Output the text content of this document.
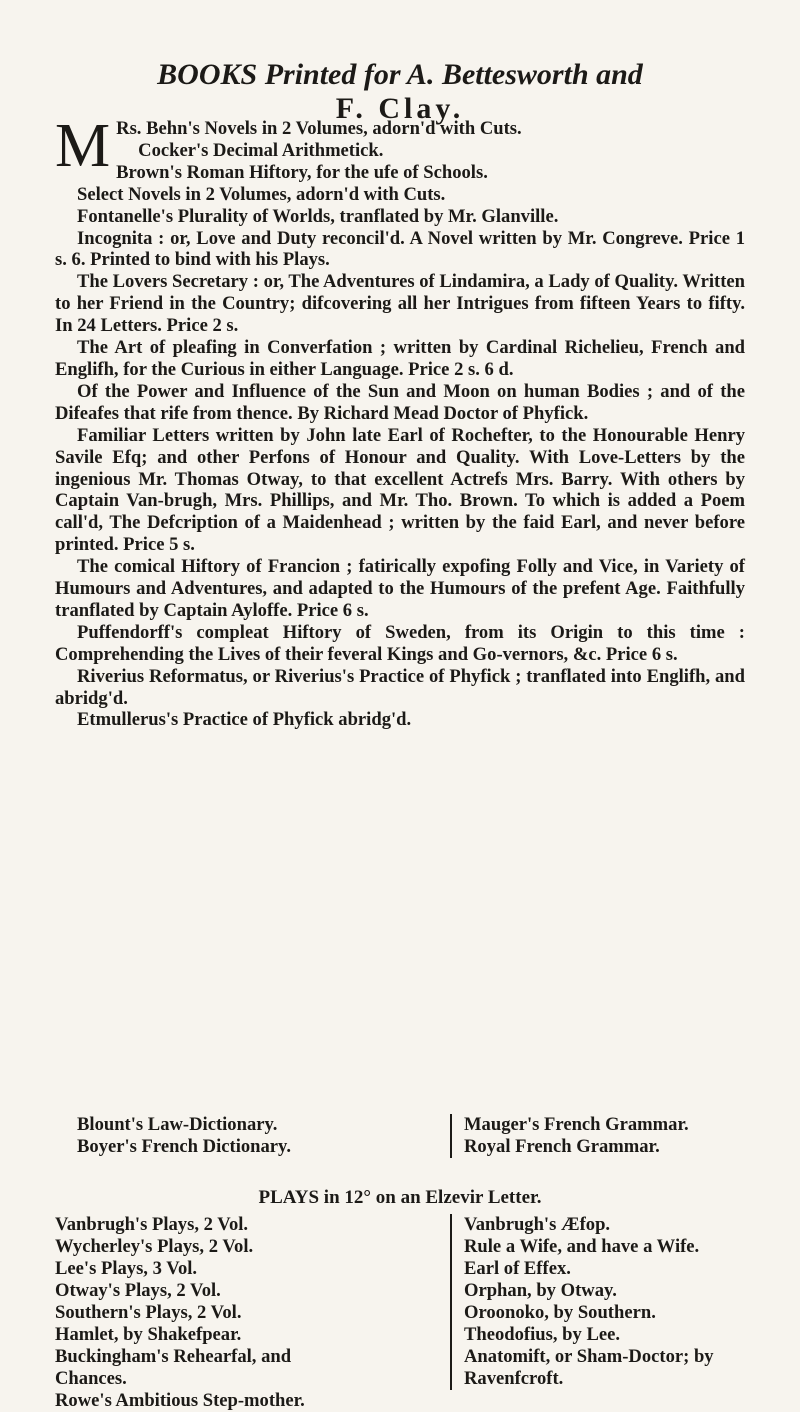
BOOKS Printed for A. Bettesworth and
F. Clay.

M Rs. Behn's Novels in 2 Volumes, adorn'd with Cuts.

Cocker's Decimal Arithmetick.

Brown's Roman Hiftory, for the ufe of Schools.

Select Novels in 2 Volumes, adorn'd with Cuts.

Fontanelle's Plurality of Worlds, tranflated by Mr. Glanville.

Incognita : or, Love and Duty reconcil'd. A Novel written by Mr. Congreve. Price 1 s. 6. Printed to bind with his Plays.

The Lovers Secretary : or, The Adventures of Lindamira, a Lady of Quality. Written to her Friend in the Country; difcovering all her Intrigues from fifteen Years to fifty. In 24 Letters. Price 2 s.

The Art of pleafing in Converfation ; written by Cardinal Richelieu, French and Englifh, for the Curious in either Language. Price 2 s. 6 d.

Of the Power and Influence of the Sun and Moon on human Bodies ; and of the Difeafes that rife from thence. By Richard Mead Doctor of Phyfick.

Familiar Letters written by John late Earl of Rochefter, to the Honourable Henry Savile Efq; and other Perfons of Honour and Quality. With Love-Letters by the ingenious Mr. Thomas Otway, to that excellent Actrefs Mrs. Barry. With others by Captain Van-brugh, Mrs. Phillips, and Mr. Tho. Brown. To which is added a Poem call'd, The Defcription of a Maidenhead ; written by the faid Earl, and never before printed. Price 5 s.

The comical Hiftory of Francion ; fatirically expofing Folly and Vice, in Variety of Humours and Adventures, and adapted to the Humours of the prefent Age. Faithfully tranflated by Captain Ayloffe. Price 6 s.

Puffendorff's compleat Hiftory of Sweden, from its Origin to this time : Comprehending the Lives of their feveral Kings and Go-vernors, &c. Price 6 s.

Riverius Reformatus, or Riverius's Practice of Phyfick ; tranflated into Englifh, and abridg'd.

Etmullerus's Practice of Phyfick abridg'd.

Blount's Law-Dictionary.
Boyer's French Dictionary.
Mauger's French Grammar.
Royal French Grammar.
PLAYS in 12° on an Elzevir Letter.
Vanbrugh's Plays, 2 Vol.
Wycherley's Plays, 2 Vol.
Lee's Plays, 3 Vol.
Otway's Plays, 2 Vol.
Southern's Plays, 2 Vol.
Hamlet, by Shakefpear.
Buckingham's Rehearfal, and
Chances.
Rowe's Ambitious Step-mother.
Vanbrugh's Æfop.
Rule a Wife, and have a Wife.
Earl of Effex.
Orphan, by Otway.
Oroonoko, by Southern.
Theodofius, by Lee.
Anatomift, or Sham-Doctor; by
Ravenfcroft.
